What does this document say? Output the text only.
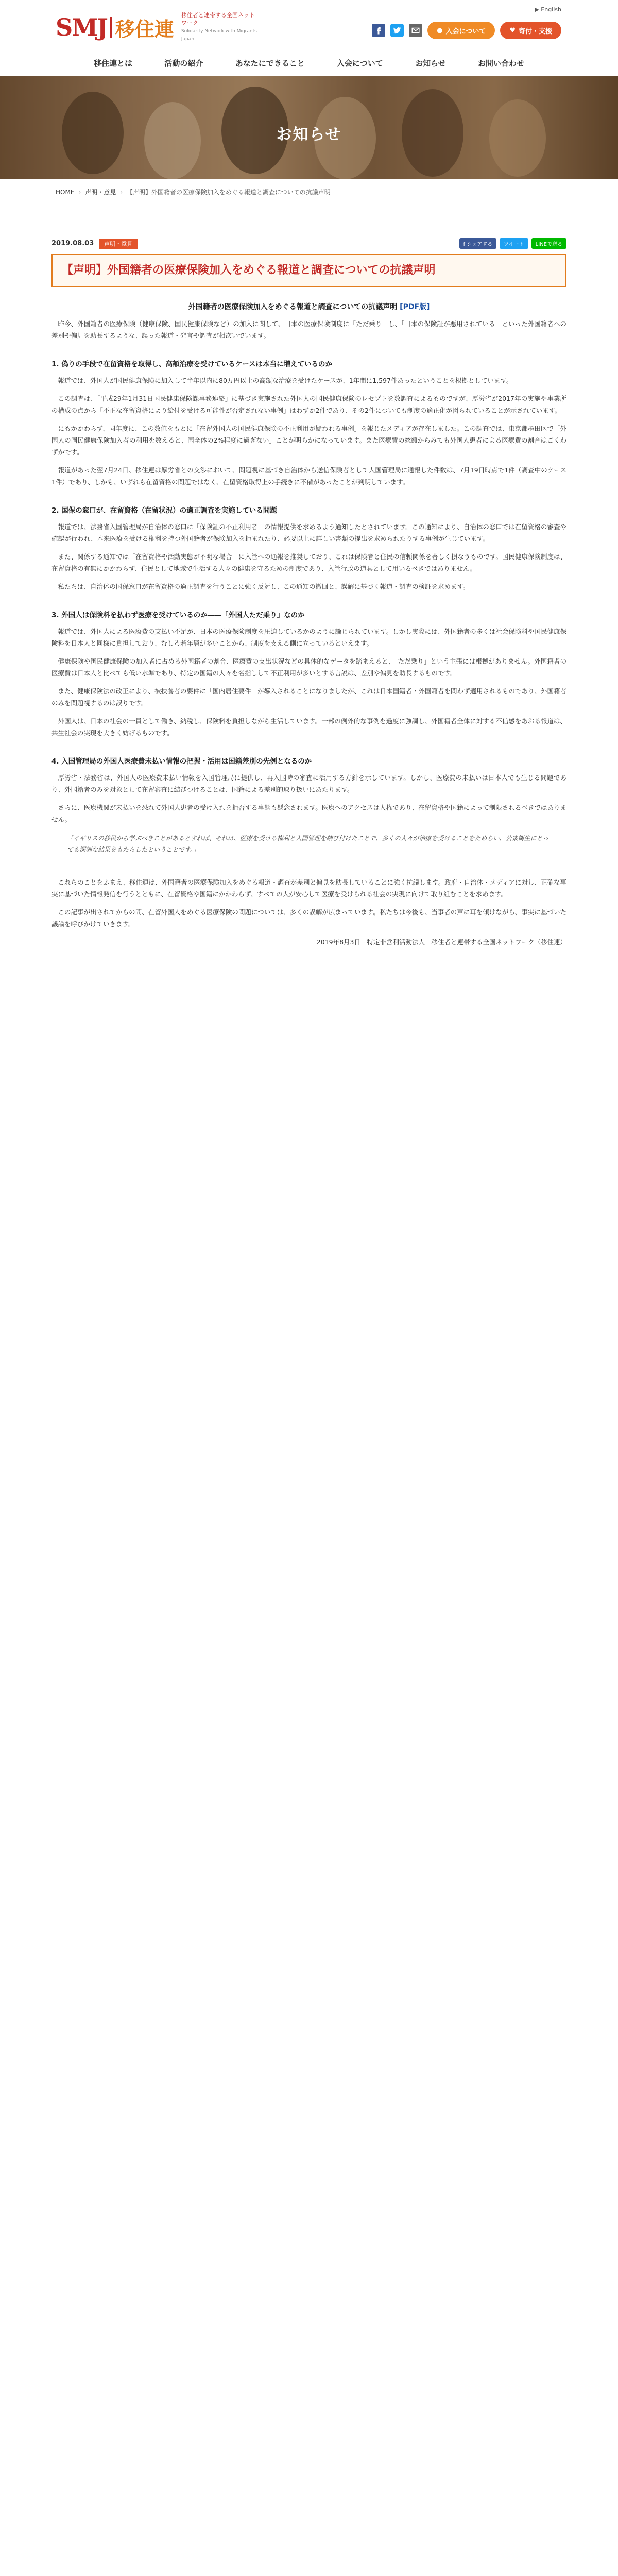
SMJ 移住連
移住者と連帯する全国ネットワーク
Solidarity Network with Migrants Japan
▶ English
● 入会について	♥ 寄付・支援
移住連とは	活動の紹介	あなたにできること	入会について	お知らせ	お問い合わせ
お知らせ
HOME › 声明・意見 › 【声明】外国籍者の医療保険加入をめぐる報道と調査についての抗議声明
2019.08.03	声明・意見	f シェアする	ツイート	LINEで送る
【声明】外国籍者の医療保険加入をめぐる報道と調査についての抗議声明
外国籍者の医療保険加入をめぐる報道と調査についての抗議声明 [PDF版]

昨今、外国籍者の医療保険（健康保険、国民健康保険など）の加入に関して、日本の医療保険制度に「ただ乗り」し、「日本の保険証が悪用されている」といった外国籍者への差別や偏見を助長するような、誤った報道・発言や調査が相次いでいます。

1. 偽りの手段で在留資格を取得し、高額治療を受けているケースは本当に増えているのか

報道では、外国人が国民健康保険に加入して半年以内に80万円以上の高額な治療を受けたケースが、1年間に1,597件あったということを根拠としています。

この調査は、「平成29年1月31日国民健康保険課事務連絡」に基づき実施された外国人の国民健康保険のレセプトを数調査によるものですが、厚労省が2017年の実施や事業所の構成の点から「不正な在留資格により給付を受ける可能性が否定されない事例」はわずか2件であり、その2件についても制度の適正化が図られていることが示されています。

にもかかわらず、同年度に、この数値をもとに「在留外国人の国民健康保険の不正利用が疑われる事例」を報じたメディアが存在しました。この調査では、東京都墨田区で「外国人の国民健康保険加入者の利用を数えると、国全体の2%程度に過ぎない」ことが明らかになっています。また医療費の総額からみても外国人患者による医療費の割合はごくわずかです。

報道があった翌7月24日、移住連は厚労省との交渉において、問題視に基づき自治体から送信保険者として人国管理局に通報した件数は、7月19日時点で1件（調査中のケース1件）であり、しかも、いずれも在留資格の問題ではなく、在留資格取得上の手続きに不備があったことが判明しています。

2. 国保の窓口が、在留資格（在留状況）の適正調査を実施している問題

報道では、法務省入国管理局が自治体の窓口に「保険証の不正利用者」の情報提供を求めるよう通知したとされています。この通知により、自治体の窓口では在留資格の審査や確認が行われ、本来医療を受ける権利を持つ外国籍者が保険加入を拒まれたり、必要以上に詳しい書類の提出を求められたりする事例が生じています。

また、関係する通知では「在留資格や活動実態が不明な場合」に入管への通報を推奨しており、これは保険者と住民の信頼関係を著しく損なうものです。国民健康保険制度は、在留資格の有無にかかわらず、住民として地域で生活する人々の健康を守るための制度であり、入管行政の道具として用いるべきではありません。

私たちは、自治体の国保窓口が在留資格の適正調査を行うことに強く反対し、この通知の撤回と、誤解に基づく報道・調査の検証を求めます。

3. 外国人は保険料を払わず医療を受けているのか――「外国人ただ乗り」なのか

報道では、外国人による医療費の支払い不足が、日本の医療保険制度を圧迫しているかのように論じられています。しかし実際には、外国籍者の多くは社会保険料や国民健康保険料を日本人と同様に負担しており、むしろ若年層が多いことから、制度を支える側に立っているといえます。

健康保険や国民健康保険の加入者に占める外国籍者の割合、医療費の支出状況などの具体的なデータを踏まえると、「ただ乗り」という主張には根拠がありません。外国籍者の医療費は日本人と比べても低い水準であり、特定の国籍の人々を名指しして不正利用が多いとする言説は、差別や偏見を助長するものです。

また、健康保険法の改正により、被扶養者の要件に「国内居住要件」が導入されることになりましたが、これは日本国籍者・外国籍者を問わず適用されるものであり、外国籍者のみを問題視するのは誤りです。

外国人は、日本の社会の一員として働き、納税し、保険料を負担しながら生活しています。一部の例外的な事例を過度に強調し、外国籍者全体に対する不信感をあおる報道は、共生社会の実現を大きく妨げるものです。

4. 入国管理局の外国人医療費未払い情報の把握・活用は国籍差別の先例となるのか

厚労省・法務省は、外国人の医療費未払い情報を入国管理局に提供し、再入国時の審査に活用する方針を示しています。しかし、医療費の未払いは日本人でも生じる問題であり、外国籍者のみを対象として在留審査に結びつけることは、国籍による差別的取り扱いにあたります。

さらに、医療機関が未払いを恐れて外国人患者の受け入れを拒否する事態も懸念されます。医療へのアクセスは人権であり、在留資格や国籍によって制限されるべきではありません。

「イギリスの移民から学ぶべきことがあるとすれば、それは、医療を受ける権利と入国管理を結び付けたことで、多くの人々が治療を受けることをためらい、公衆衛生にとっても深刻な結果をもたらしたということです。」

これらのことをふまえ、移住連は、外国籍者の医療保険加入をめぐる報道・調査が差別と偏見を助長していることに強く抗議します。政府・自治体・メディアに対し、正確な事実に基づいた情報発信を行うとともに、在留資格や国籍にかかわらず、すべての人が安心して医療を受けられる社会の実現に向けて取り組むことを求めます。

この記事が出されてからの間、在留外国人をめぐる医療保険の問題については、多くの誤解が広まっています。私たちは今後も、当事者の声に耳を傾けながら、事実に基づいた議論を呼びかけていきます。

2019年8月3日　特定非営利活動法人　移住者と連帯する全国ネットワーク（移住連）
